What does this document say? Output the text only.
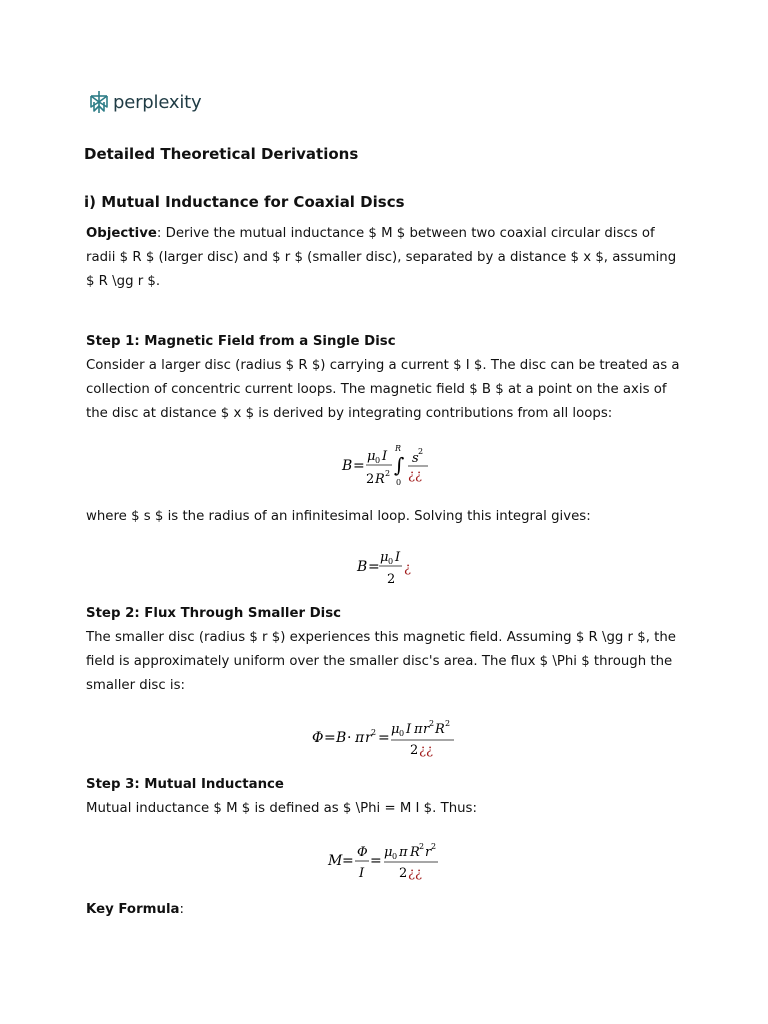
perplexity
Detailed Theoretical Derivations
i) Mutual Inductance for Coaxial Discs
Objective: Derive the mutual inductance $ M $ between two coaxial circular discs of radii $ R $ (larger disc) and $ r $ (smaller disc), separated by a distance $ x $, assuming $ R \gg r $.
Step 1: Magnetic Field from a Single Disc
Consider a larger disc (radius $ R $) carrying a current $ I $. The disc can be treated as a collection of concentric current loops. The magnetic field $ B $ at a point on the axis of the disc at distance $ x $ is derived by integrating contributions from all loops:
B =
μ 0 I
2 R 2 ∫
R
0
s 2
¿¿
where $ s $ is the radius of an infinitesimal loop. Solving this integral gives:
B =
μ 0 I
2
¿
Step 2: Flux Through Smaller Disc
The smaller disc (radius $ r $) experiences this magnetic field. Assuming $ R \gg r $, the field is approximately uniform over the smaller disc's area. The flux $ \Phi $ through the smaller disc is:
Φ = B · π r 2 =
μ 0 I π r 2 R 2
2 ¿¿
Step 3: Mutual Inductance
Mutual inductance $ M $ is defined as $ \Phi = M I $. Thus:
M =
Φ
I
=
μ 0 π R 2 r 2
2 ¿¿
Key Formula:
